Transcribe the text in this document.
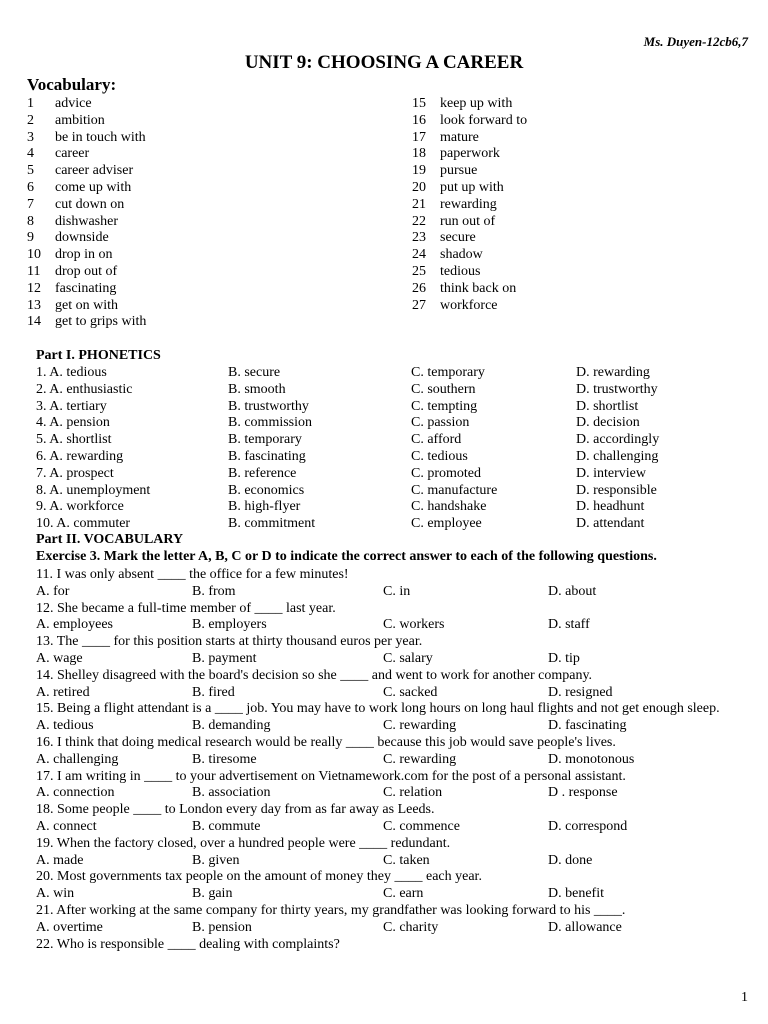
Ms. Duyen-12cb6,7
UNIT 9: CHOOSING A CAREER
Vocabulary:
1	advice
2	ambition
3	be in touch with
4	career
5	career adviser
6	come up with
7	cut down on
8	dishwasher
9	downside
10	drop in on
11	drop out of
12	fascinating
13	get on with
14	get to grips with
15	keep up with
16	look forward to
17	mature
18	paperwork
19	pursue
20	put up with
21	rewarding
22	run out of
23	secure
24	shadow
25	tedious
26	think back on
27	workforce
Part I. PHONETICS
1. A. tedious	B. secure	C. temporary	D. rewarding
2. A. enthusiastic	B. smooth	C. southern	D. trustworthy
3. A. tertiary	B. trustworthy	C. tempting	D. shortlist
4. A. pension	B. commission	C. passion	D. decision
5. A. shortlist	B. temporary	C. afford	D. accordingly
6. A. rewarding	B. fascinating	C. tedious	D. challenging
7. A. prospect	B. reference	C. promoted	D. interview
8. A. unemployment	B. economics	C. manufacture	D. responsible
9. A. workforce	B. high-flyer	C. handshake	D. headhunt
10. A. commuter	B. commitment	C. employee	D. attendant
Part II. VOCABULARY
Exercise 3. Mark the letter A, B, C or D to indicate the correct answer to each of the following questions.
11. I was only absent ____ the office for a few minutes!
A. for	B. from	C. in	D. about
12. She became a full-time member of ____ last year.
A. employees	B. employers	C. workers	D. staff
13. The ____ for this position starts at thirty thousand euros per year.
A. wage	B. payment	C. salary	D. tip
14. Shelley disagreed with the board's decision so she ____ and went to work for another company.
A. retired	B. fired	C. sacked	D. resigned
15. Being a flight attendant is a ____ job. You may have to work long hours on long haul flights and not get enough sleep.
A. tedious	B. demanding	C. rewarding	D. fascinating
16. I think that doing medical research would be really ____ because this job would save people's lives.
A. challenging	B. tiresome	C. rewarding	D. monotonous
17. I am writing in ____ to your advertisement on Vietnamework.com for the post of a personal assistant.
A. connection	B. association	C. relation	D . response
18. Some people ____ to London every day from as far away as Leeds.
A. connect	B. commute	C. commence	D. correspond
19. When the factory closed, over a hundred people were ____ redundant.
A. made	B. given	C. taken	D. done
20. Most governments tax people on the amount of money they ____ each year.
A. win	B. gain	C. earn	D. benefit
21. After working at the same company for thirty years, my grandfather was looking forward to his ____.
A. overtime	B. pension	C. charity	D. allowance
22. Who is responsible ____ dealing with complaints?
1
